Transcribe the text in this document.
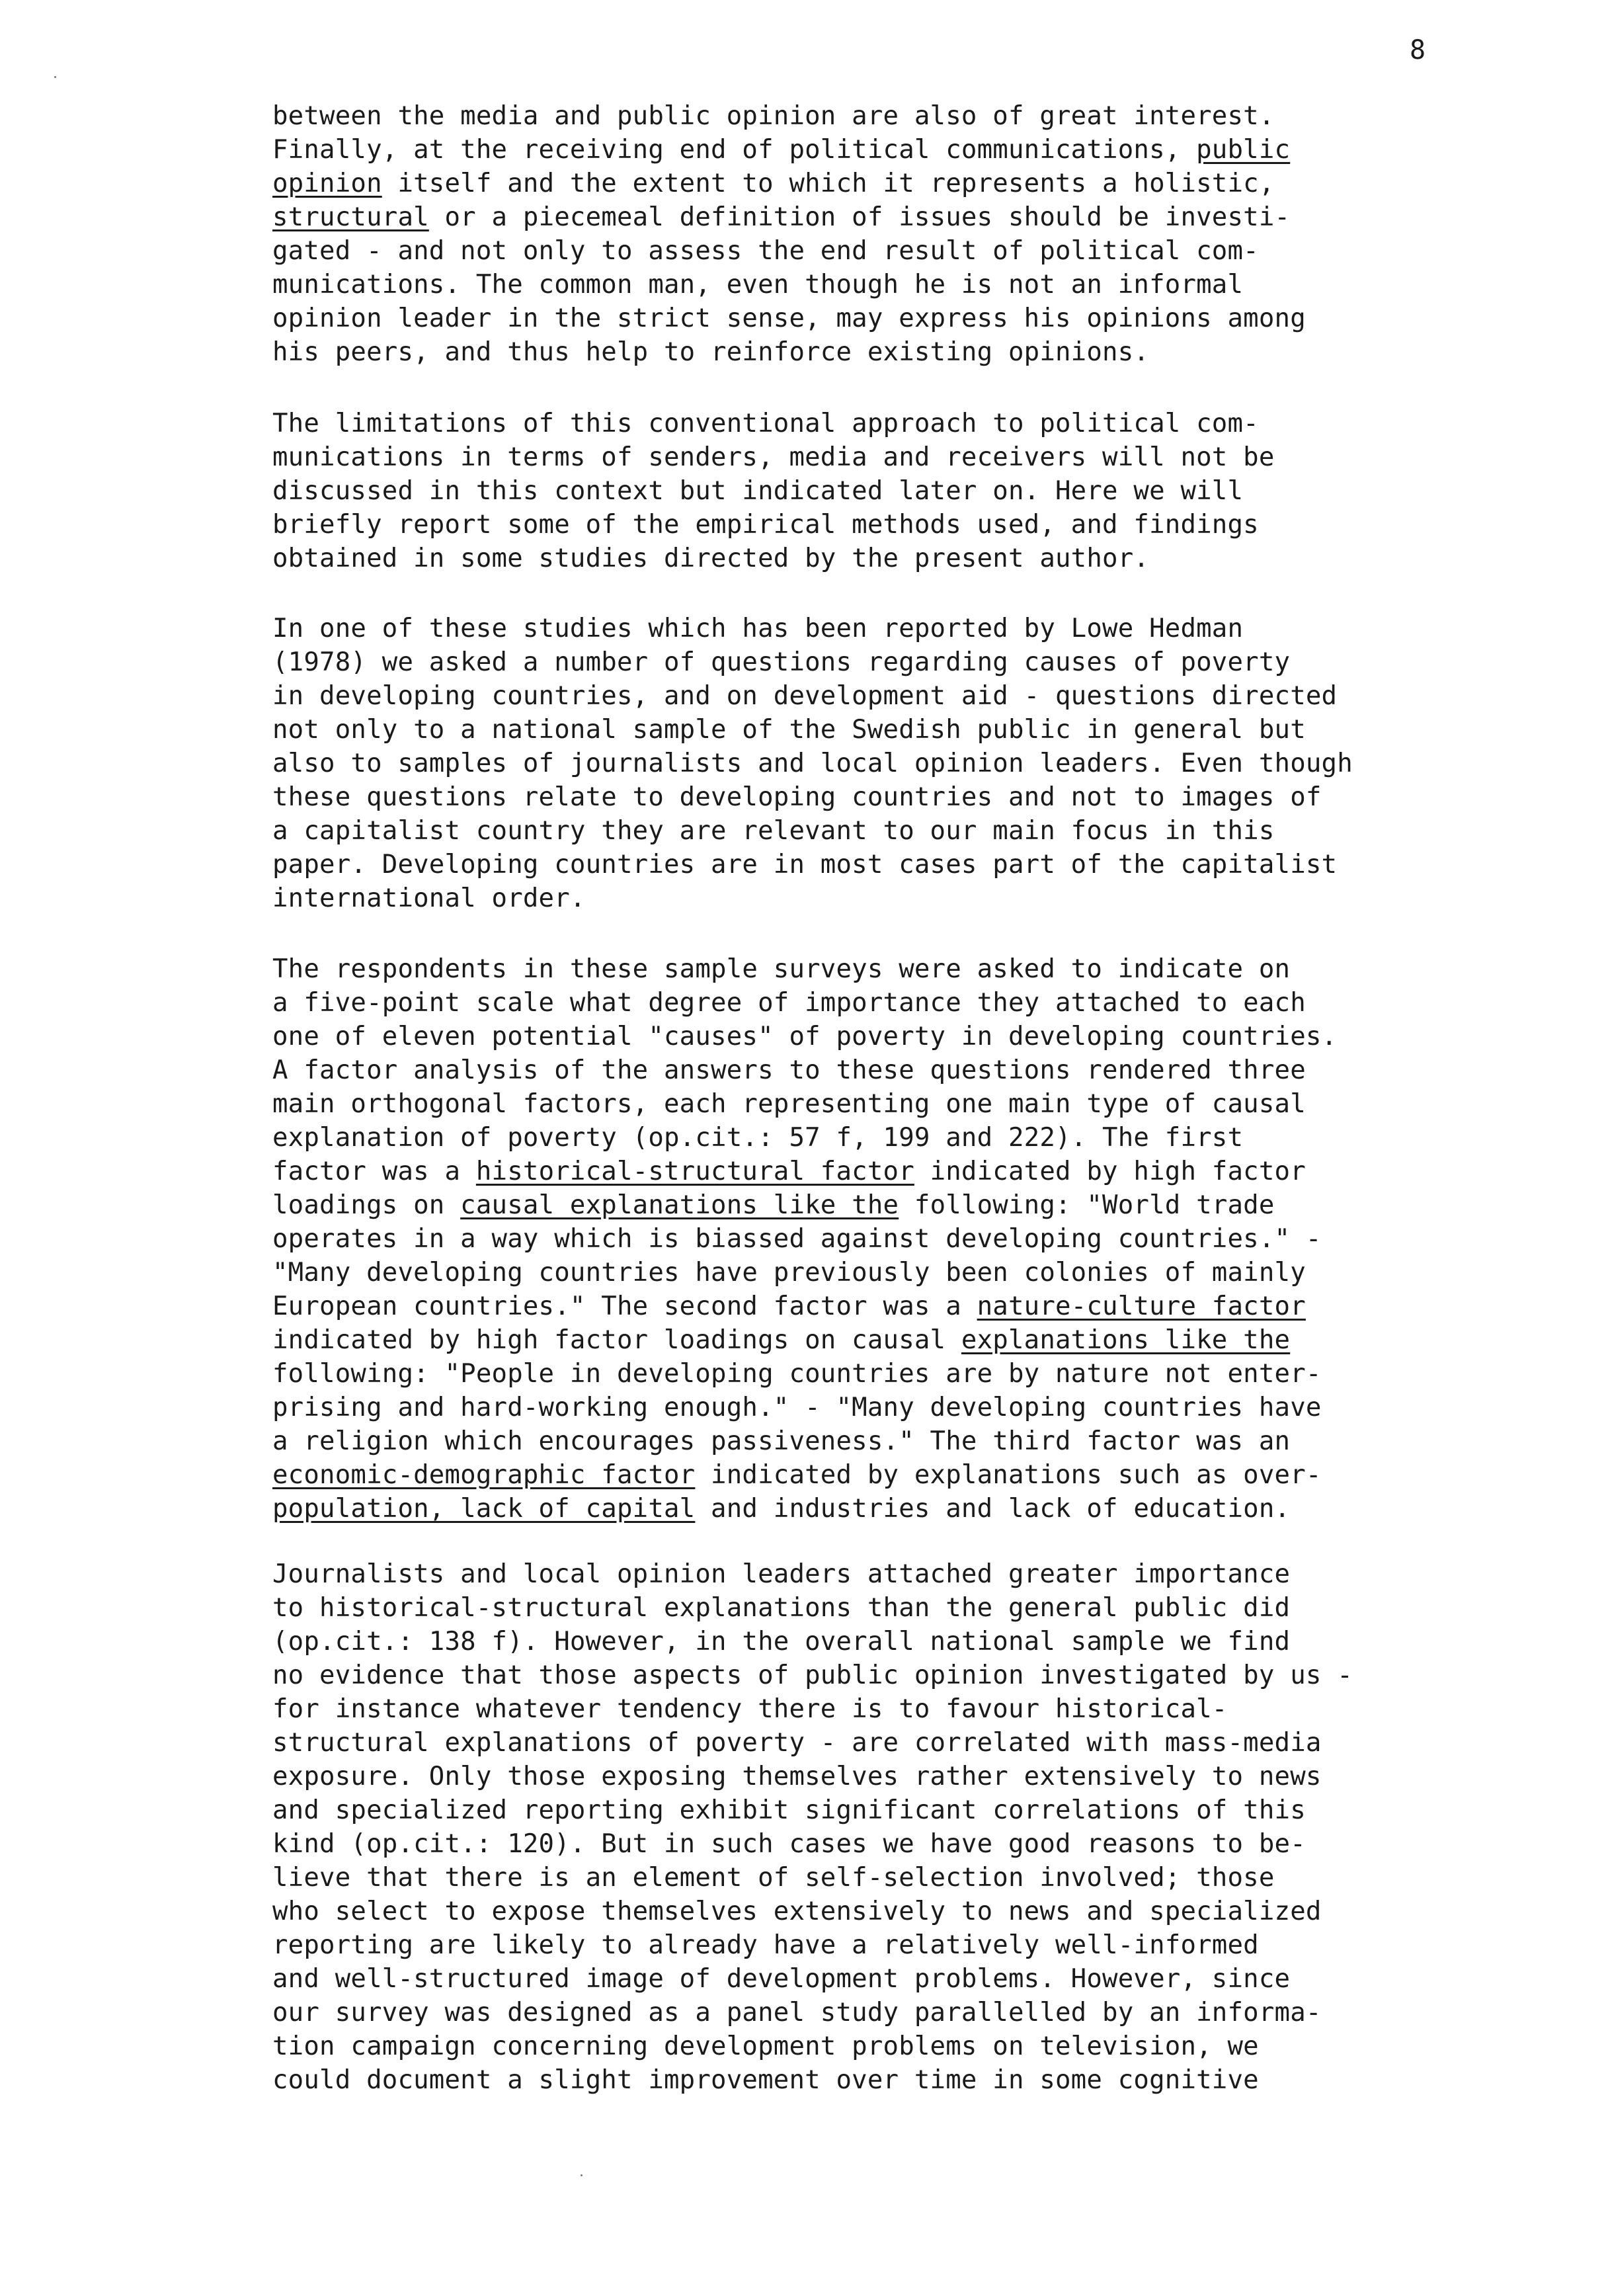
8
between the media and public opinion are also of great interest.
Finally, at the receiving end of political communications, public
opinion itself and the extent to which it represents a holistic,
structural or a piecemeal definition of issues should be investi-
gated - and not only to assess the end result of political com-
munications. The common man, even though he is not an informal
opinion leader in the strict sense, may express his opinions among
his peers, and thus help to reinforce existing opinions.
The limitations of this conventional approach to political com-
munications in terms of senders, media and receivers will not be
discussed in this context but indicated later on. Here we will
briefly report some of the empirical methods used, and findings
obtained in some studies directed by the present author.
In one of these studies which has been reported by Lowe Hedman
(1978) we asked a number of questions regarding causes of poverty
in developing countries, and on development aid - questions directed
not only to a national sample of the Swedish public in general but
also to samples of journalists and local opinion leaders. Even though
these questions relate to developing countries and not to images of
a capitalist country they are relevant to our main focus in this
paper. Developing countries are in most cases part of the capitalist
international order.
The respondents in these sample surveys were asked to indicate on
a five-point scale what degree of importance they attached to each
one of eleven potential "causes" of poverty in developing countries.
A factor analysis of the answers to these questions rendered three
main orthogonal factors, each representing one main type of causal
explanation of poverty (op.cit.: 57 f, 199 and 222). The first
factor was a historical-structural factor indicated by high factor
loadings on causal explanations like the following: "World trade
operates in a way which is biassed against developing countries." -
"Many developing countries have previously been colonies of mainly
European countries." The second factor was a nature-culture factor
indicated by high factor loadings on causal explanations like the
following: "People in developing countries are by nature not enter-
prising and hard-working enough." - "Many developing countries have
a religion which encourages passiveness." The third factor was an
economic-demographic factor indicated by explanations such as over-
population, lack of capital and industries and lack of education.
Journalists and local opinion leaders attached greater importance
to historical-structural explanations than the general public did
(op.cit.: 138 f). However, in the overall national sample we find
no evidence that those aspects of public opinion investigated by us -
for instance whatever tendency there is to favour historical-
structural explanations of poverty - are correlated with mass-media
exposure. Only those exposing themselves rather extensively to news
and specialized reporting exhibit significant correlations of this
kind (op.cit.: 120). But in such cases we have good reasons to be-
lieve that there is an element of self-selection involved; those
who select to expose themselves extensively to news and specialized
reporting are likely to already have a relatively well-informed
and well-structured image of development problems. However, since
our survey was designed as a panel study parallelled by an informa-
tion campaign concerning development problems on television, we
could document a slight improvement over time in some cognitive
